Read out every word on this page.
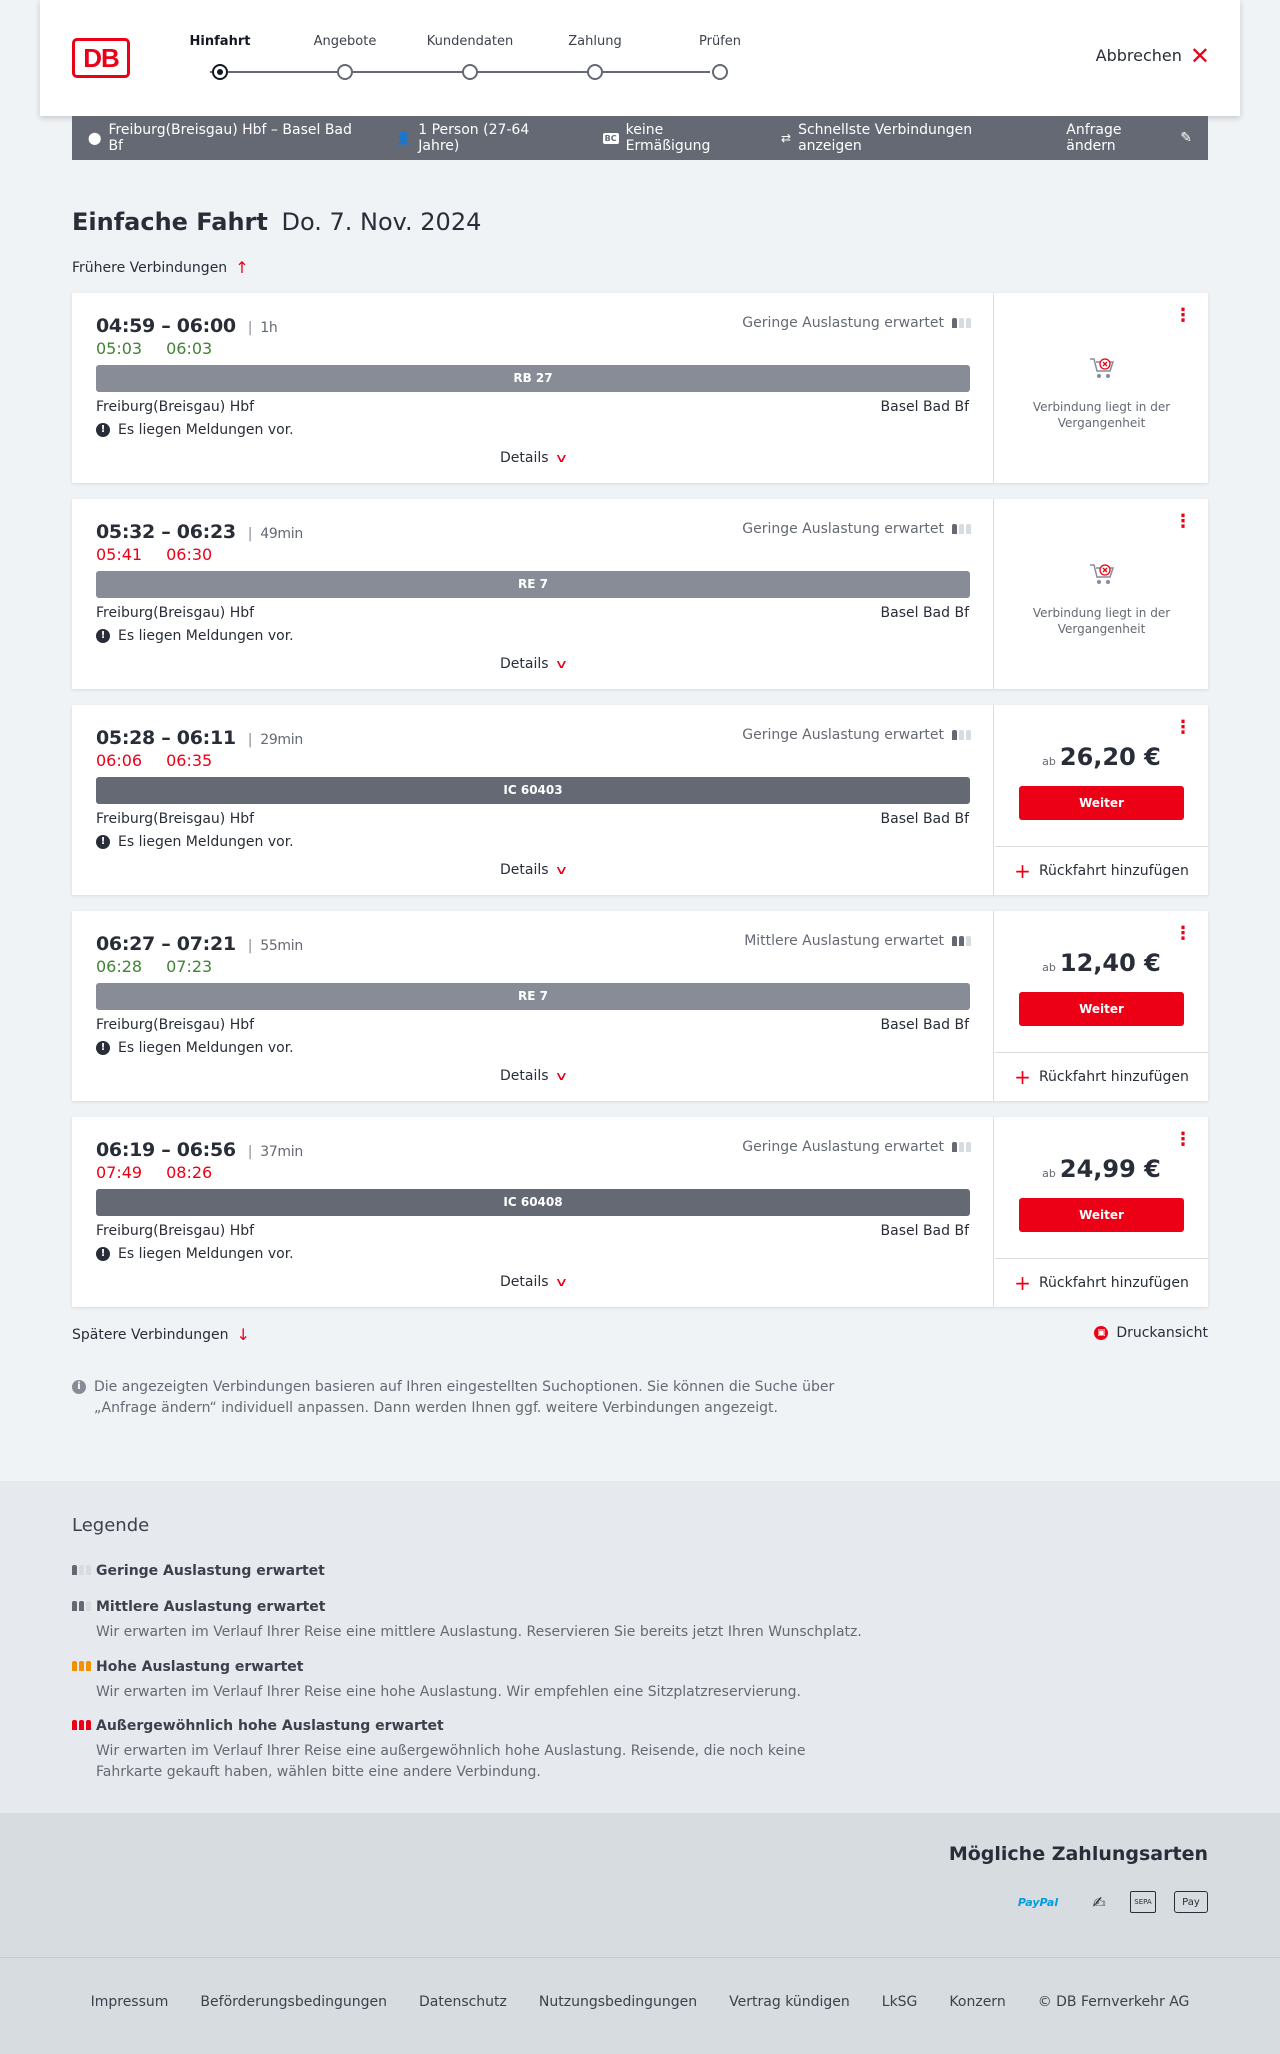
DB
Hinfahrt	Angebote	Kundendaten	Zahlung	Prüfen
Abbrechen ✕
⬤ Freiburg(Breisgau) Hbf – Basel Bad Bf	👤 1 Person (27-64 Jahre)	BC keine Ermäßigung	⇄ Schnellste Verbindungen anzeigen
Anfrage ändern	✎
Einfache Fahrt Do. 7. Nov. 2024
Frühere Verbindungen ↑
04:59 – 06:00 | 1h
05:03 06:03
Geringe Auslastung erwartet
RB 27
Freiburg(Breisgau) Hbf	Basel Bad Bf
! Es liegen Meldungen vor.
Details ∨
⋮
Verbindung liegt in der Vergangenheit
05:32 – 06:23 | 49min
05:41 06:30
Geringe Auslastung erwartet
RE 7
Freiburg(Breisgau) Hbf	Basel Bad Bf
! Es liegen Meldungen vor.
Details ∨
⋮
Verbindung liegt in der Vergangenheit
05:28 – 06:11 | 29min
06:06 06:35
Geringe Auslastung erwartet
IC 60403
Freiburg(Breisgau) Hbf	Basel Bad Bf
! Es liegen Meldungen vor.
Details ∨
⋮
ab 26,20 €
Weiter
+ Rückfahrt hinzufügen
06:27 – 07:21 | 55min
06:28 07:23
Mittlere Auslastung erwartet
RE 7
Freiburg(Breisgau) Hbf	Basel Bad Bf
! Es liegen Meldungen vor.
Details ∨
⋮
ab 12,40 €
Weiter
+ Rückfahrt hinzufügen
06:19 – 06:56 | 37min
07:49 08:26
Geringe Auslastung erwartet
IC 60408
Freiburg(Breisgau) Hbf	Basel Bad Bf
! Es liegen Meldungen vor.
Details ∨
⋮
ab 24,99 €
Weiter
+ Rückfahrt hinzufügen
Spätere Verbindungen ↓	▣ Druckansicht
i Die angezeigten Verbindungen basieren auf Ihren eingestellten Suchoptionen. Sie können die Suche über „Anfrage ändern“ individuell anpassen. Dann werden Ihnen ggf. weitere Verbindungen angezeigt.
Legende
Geringe Auslastung erwartet
Mittlere Auslastung erwartet
Wir erwarten im Verlauf Ihrer Reise eine mittlere Auslastung. Reservieren Sie bereits jetzt Ihren Wunschplatz.
Hohe Auslastung erwartet
Wir erwarten im Verlauf Ihrer Reise eine hohe Auslastung. Wir empfehlen eine Sitzplatzreservierung.
Außergewöhnlich hohe Auslastung erwartet
Wir erwarten im Verlauf Ihrer Reise eine außergewöhnlich hohe Auslastung. Reisende, die noch keine Fahrkarte gekauft haben, wählen bitte eine andere Verbindung.
Mögliche Zahlungsarten
Pay Pal	✍	SEPA	Pay
Impressum Beförderungsbedingungen Datenschutz Nutzungsbedingungen Vertrag kündigen LkSG Konzern © DB Fernverkehr AG
